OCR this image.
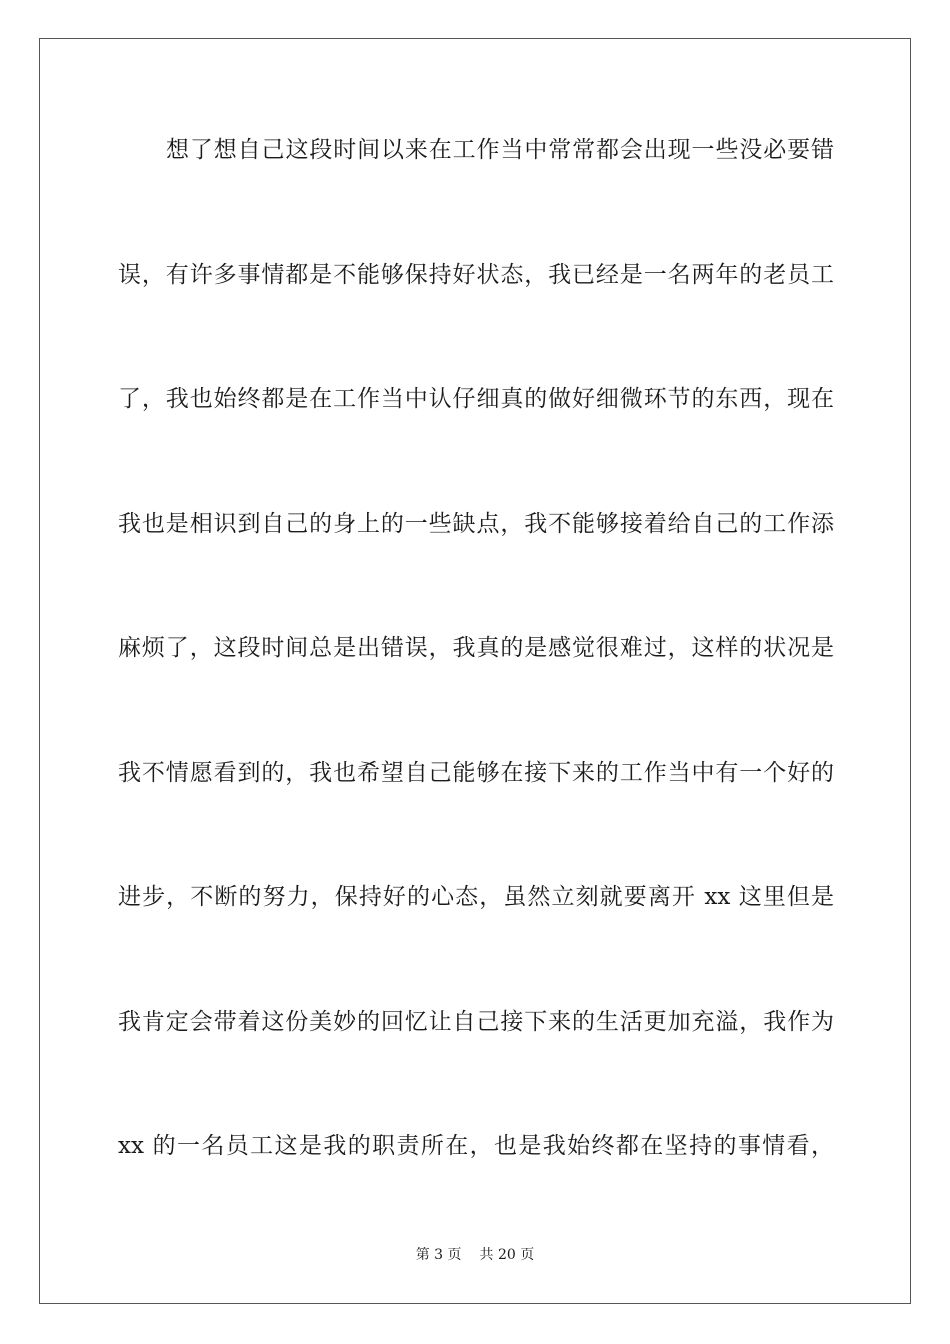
想了想自己这段时间以来在工作当中常常都会出现一些没必要错
误，有许多事情都是不能够保持好状态，我已经是一名两年的老员工
了，我也始终都是在工作当中认仔细真的做好细微环节的东西，现在
我也是相识到自己的身上的一些缺点，我不能够接着给自己的工作添
麻烦了，这段时间总是出错误，我真的是感觉很难过，这样的状况是
我不情愿看到的，我也希望自己能够在接下来的工作当中有一个好的
进步，不断的努力，保持好的心态，虽然立刻就要离开 xx 这里但是
我肯定会带着这份美妙的回忆让自己接下来的生活更加充溢，我作为
xx 的一名员工这是我的职责所在，也是我始终都在坚持的事情看，
第 3 页 共 20 页
